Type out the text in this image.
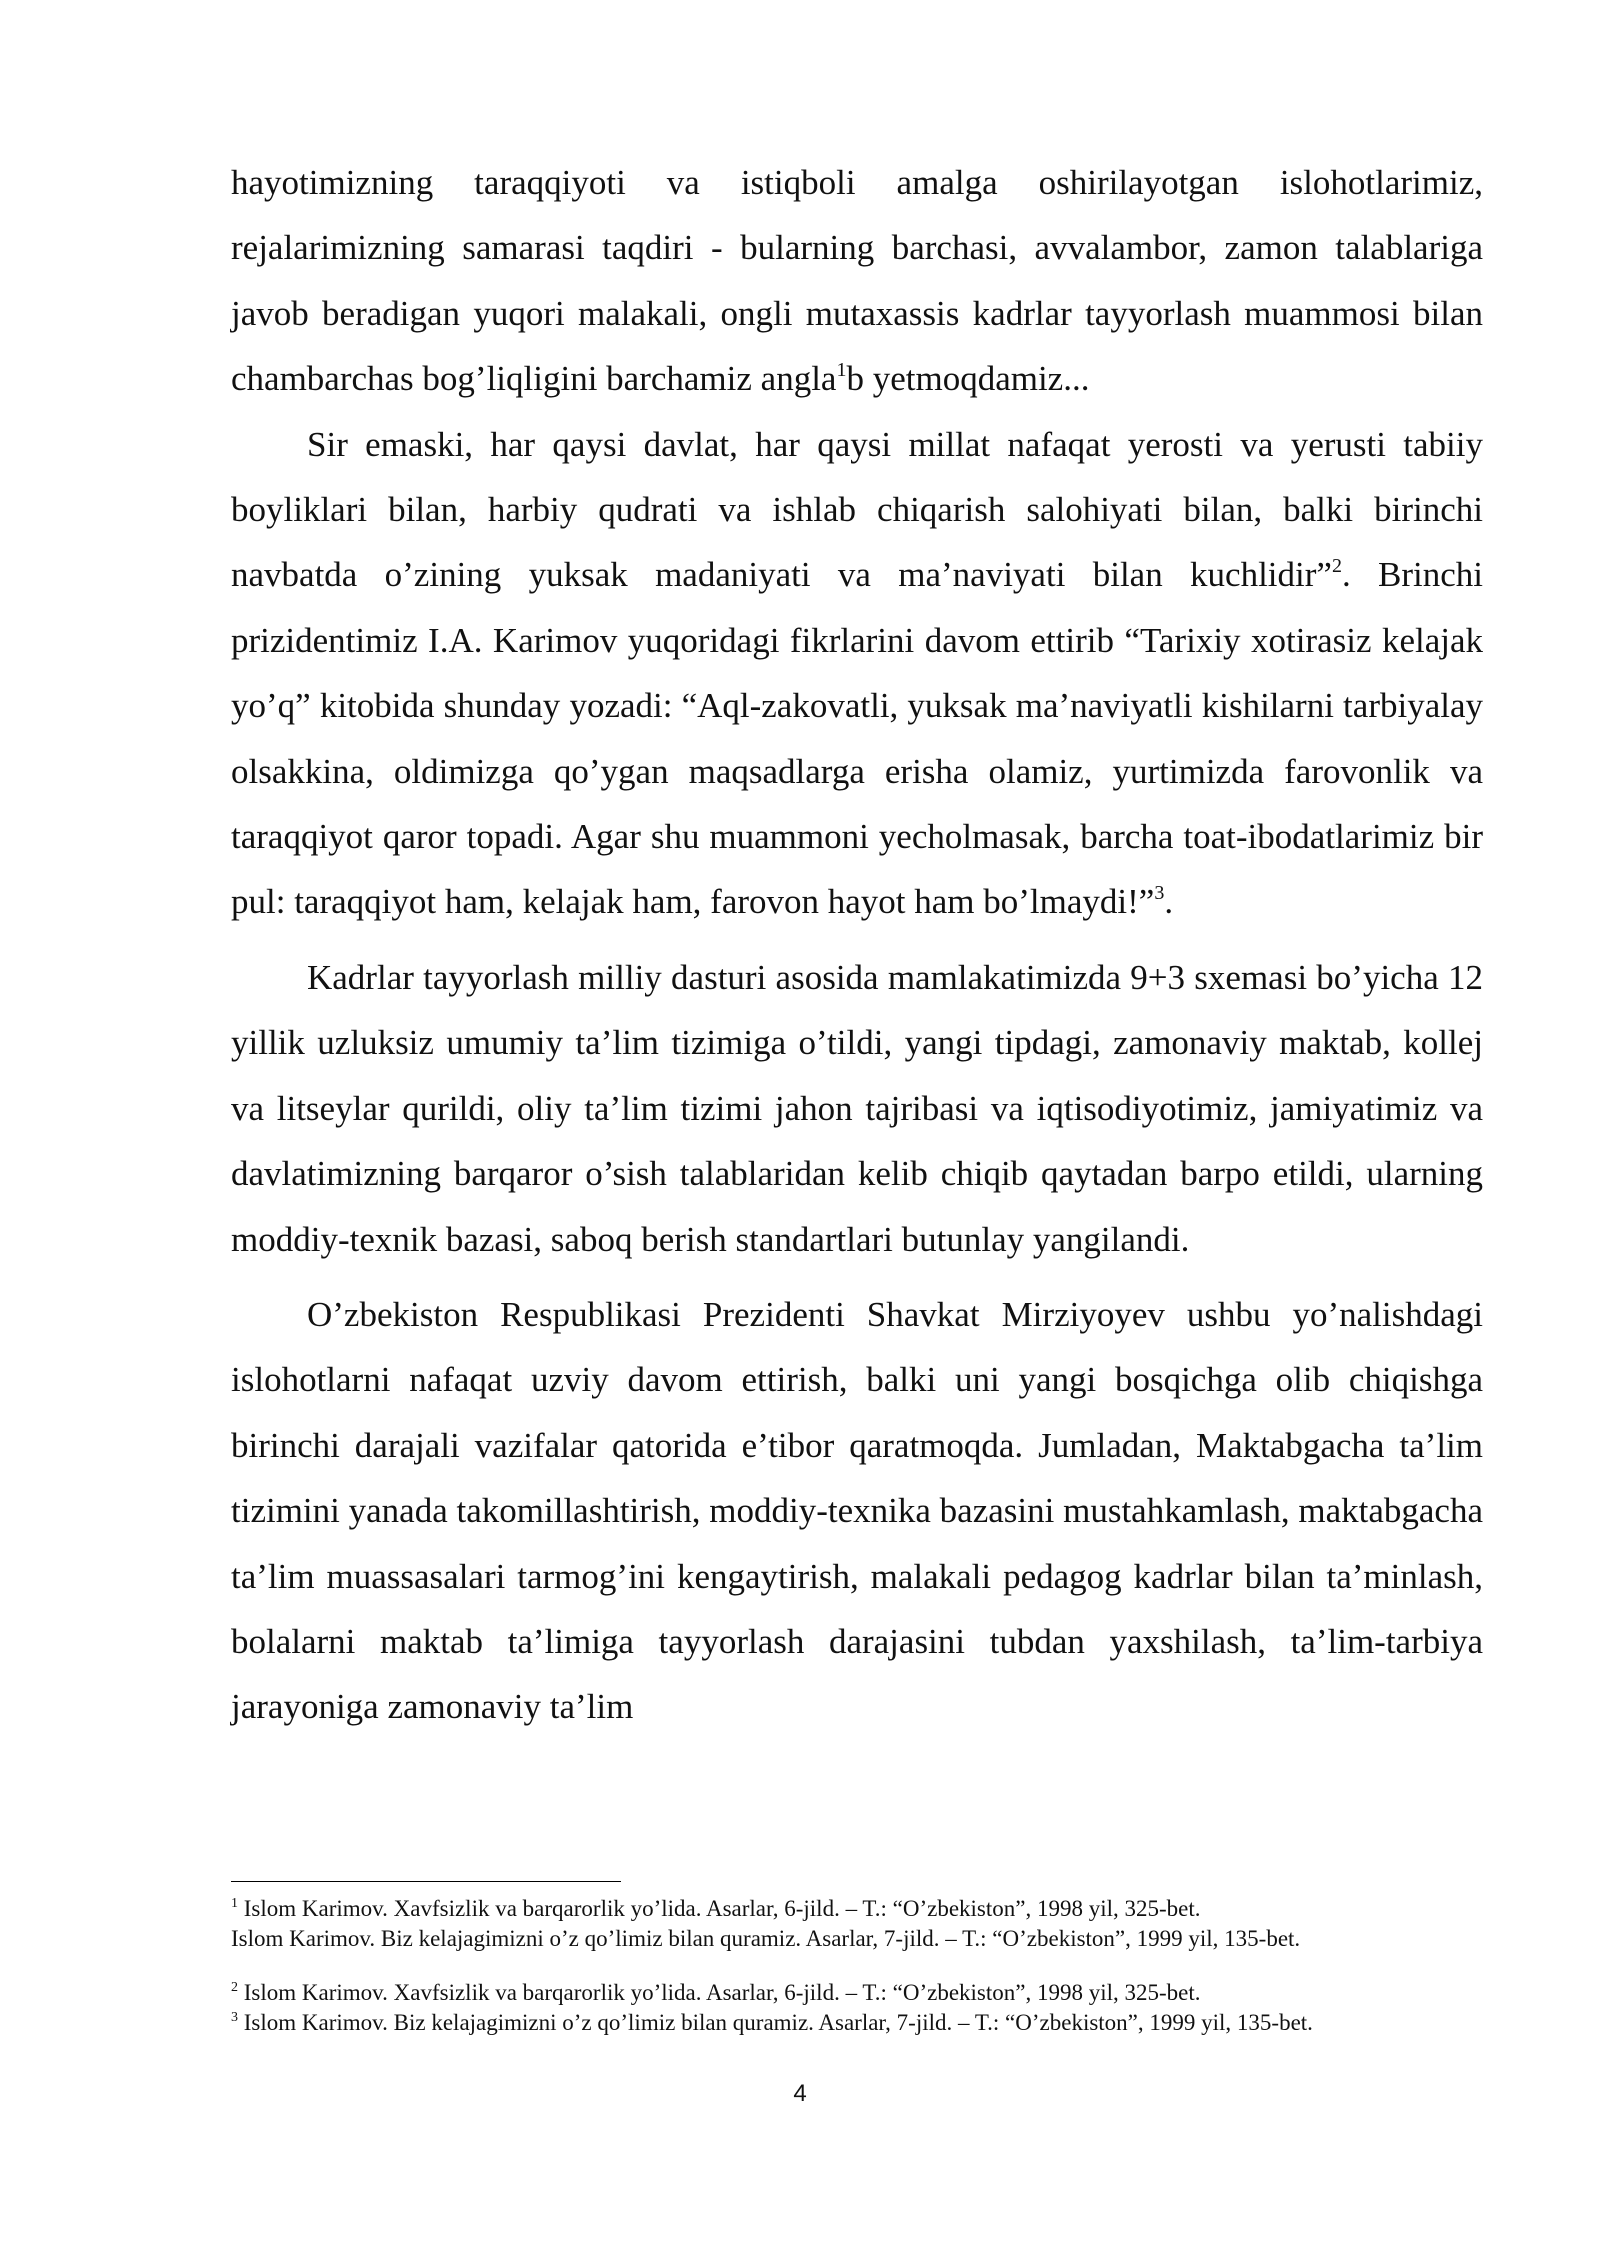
hayotimizning taraqqiyoti va istiqboli amalga oshirilayotgan islohotlarimiz, rejalarimizning samarasi taqdiri - bularning barchasi, avvalambor, zamon talablariga javob beradigan yuqori malakali, ongli mutaxassis kadrlar tayyorlash muammosi bilan chambarchas bog’liqligini barchamiz angla$^1$b yetmoqdamiz...

Sir emaski, har qaysi davlat, har qaysi millat nafaqat yerosti va yerusti tabiiy boyliklari bilan, harbiy qudrati va ishlab chiqarish salohiyati bilan, balki birinchi navbatda o’zining yuksak madaniyati va ma’naviyati bilan kuchlidir”$^2$. Brinchi prizidentimiz I.A. Karimov yuqoridagi fikrlarini davom ettirib “Tarixiy xotirasiz kelajak yo’q” kitobida shunday yozadi: “Aql-zakovatli, yuksak ma’naviyatli kishilarni tarbiyalay olsakkina, oldimizga qo’ygan maqsadlarga erisha olamiz, yurtimizda farovonlik va taraqqiyot qaror topadi. Agar shu muammoni yecholmasak, barcha toat-ibodatlarimiz bir pul: taraqqiyot ham, kelajak ham, farovon hayot ham bo’lmaydi!”$^3$.

Kadrlar tayyorlash milliy dasturi asosida mamlakatimizda 9+3 sxemasi bo’yicha 12 yillik uzluksiz umumiy ta’lim tizimiga o’tildi, yangi tipdagi, zamonaviy maktab, kollej va litseylar qurildi, oliy ta’lim tizimi jahon tajribasi va iqtisodiyotimiz, jamiyatimiz va davlatimizning barqaror o’sish talablaridan kelib chiqib qaytadan barpo etildi, ularning moddiy-texnik bazasi, saboq berish standartlari butunlay yangilandi.

O’zbekiston Respublikasi Prezidenti Shavkat Mirziyoyev ushbu yo’nalishdagi islohotlarni nafaqat uzviy davom ettirish, balki uni yangi bosqichga olib chiqishga birinchi darajali vazifalar qatorida e’tibor qaratmoqda. Jumladan, Maktabgacha ta’lim tizimini yanada takomillashtirish, moddiy-texnika bazasini mustahkamlash, maktabgacha ta’lim muassasalari tarmog’ini kengaytirish, malakali pedagog kadrlar bilan ta’minlash, bolalarni maktab ta’limiga tayyorlash darajasini tubdan yaxshilash, ta’lim-tarbiya jarayoniga zamonaviy ta’lim

$^1$ Islom Karimov. Xavfsizlik va barqarorlik yo’lida. Asarlar, 6-jild. – T.: “O’zbekiston”, 1998 yil, 325-bet.

Islom Karimov. Biz kelajagimizni o’z qo’limiz bilan quramiz. Asarlar, 7-jild. – T.: “O’zbekiston”, 1999 yil, 135-bet.

$^2$ Islom Karimov. Xavfsizlik va barqarorlik yo’lida. Asarlar, 6-jild. – T.: “O’zbekiston”, 1998 yil, 325-bet.

$^3$ Islom Karimov. Biz kelajagimizni o’z qo’limiz bilan quramiz. Asarlar, 7-jild. – T.: “O’zbekiston”, 1999 yil, 135-bet.

4
